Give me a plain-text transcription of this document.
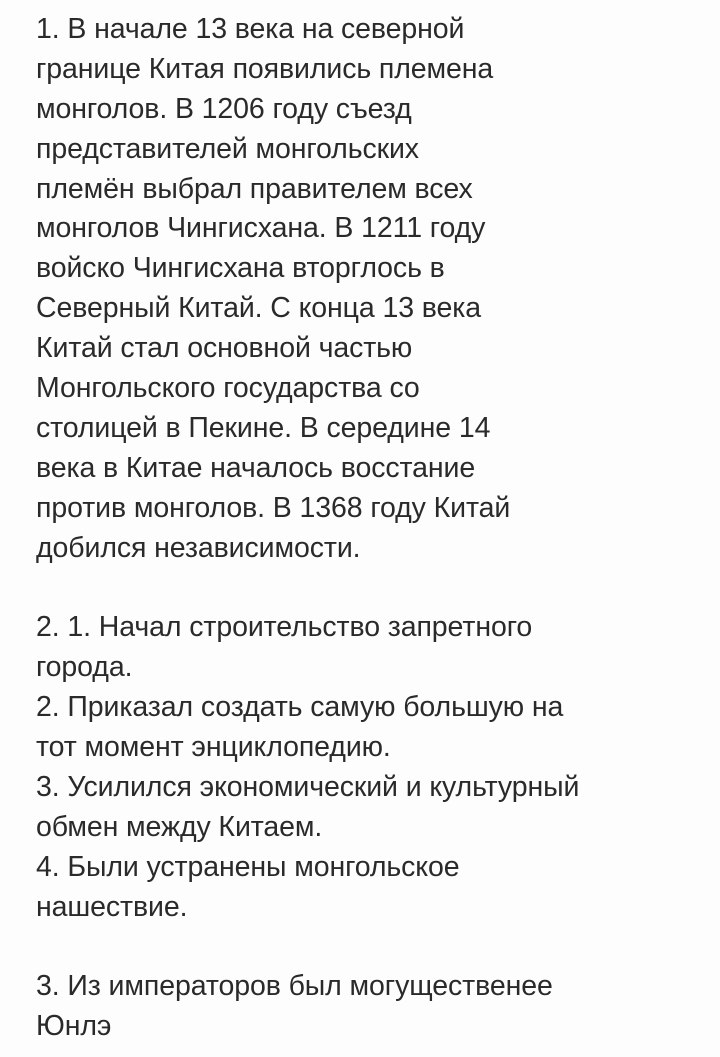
1. В начале 13 века на северной
границе Китая появились племена
монголов. В 1206 году съезд
представителей монгольских
племён выбрал правителем всех
монголов Чингисхана. В 1211 году
войско Чингисхана вторглось в
Северный Китай. С конца 13 века
Китай стал основной частью
Монгольского государства со
столицей в Пекине. В середине 14
века в Китае началось восстание
против монголов. В 1368 году Китай
добился независимости.
2. 1. Начал строительство запретного
города.
2. Приказал создать самую большую на
тот момент энциклопедию.
3. Усилился экономический и культурный
обмен между Китаем.
4. Были устранены монгольское
нашествие.
3. Из императоров был могущественее
Юнлэ
